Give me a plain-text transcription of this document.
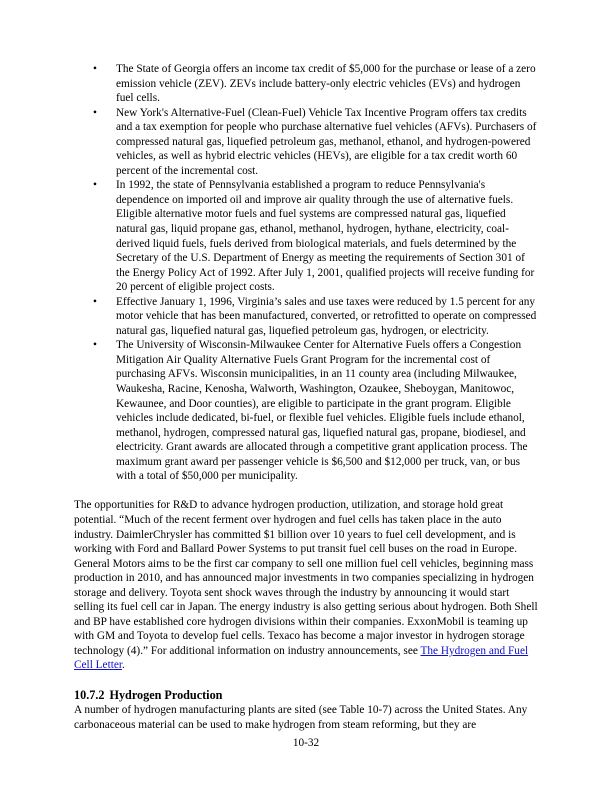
• The State of Georgia offers an income tax credit of $5,000 for the purchase or lease of a zero emission vehicle (ZEV). ZEVs include battery-only electric vehicles (EVs) and hydrogen fuel cells.
• New York's Alternative-Fuel (Clean-Fuel) Vehicle Tax Incentive Program offers tax credits and a tax exemption for people who purchase alternative fuel vehicles (AFVs). Purchasers of compressed natural gas, liquefied petroleum gas, methanol, ethanol, and hydrogen-powered vehicles, as well as hybrid electric vehicles (HEVs), are eligible for a tax credit worth 60 percent of the incremental cost.
• In 1992, the state of Pennsylvania established a program to reduce Pennsylvania's dependence on imported oil and improve air quality through the use of alternative fuels. Eligible alternative motor fuels and fuel systems are compressed natural gas, liquefied natural gas, liquid propane gas, ethanol, methanol, hydrogen, hythane, electricity, coal-derived liquid fuels, fuels derived from biological materials, and fuels determined by the Secretary of the U.S. Department of Energy as meeting the requirements of Section 301 of the Energy Policy Act of 1992. After July 1, 2001, qualified projects will receive funding for 20 percent of eligible project costs.
• Effective January 1, 1996, Virginia’s sales and use taxes were reduced by 1.5 percent for any motor vehicle that has been manufactured, converted, or retrofitted to operate on compressed natural gas, liquefied natural gas, liquefied petroleum gas, hydrogen, or electricity.
• The University of Wisconsin-Milwaukee Center for Alternative Fuels offers a Congestion Mitigation Air Quality Alternative Fuels Grant Program for the incremental cost of purchasing AFVs. Wisconsin municipalities, in an 11 county area (including Milwaukee, Waukesha, Racine, Kenosha, Walworth, Washington, Ozaukee, Sheboygan, Manitowoc, Kewaunee, and Door counties), are eligible to participate in the grant program. Eligible vehicles include dedicated, bi-fuel, or flexible fuel vehicles. Eligible fuels include ethanol, methanol, hydrogen, compressed natural gas, liquefied natural gas, propane, biodiesel, and electricity. Grant awards are allocated through a competitive grant application process. The maximum grant award per passenger vehicle is $6,500 and $12,000 per truck, van, or bus with a total of $50,000 per municipality.

The opportunities for R&D to advance hydrogen production, utilization, and storage hold great potential. “Much of the recent ferment over hydrogen and fuel cells has taken place in the auto industry. DaimlerChrysler has committed $1 billion over 10 years to fuel cell development, and is working with Ford and Ballard Power Systems to put transit fuel cell buses on the road in Europe. General Motors aims to be the first car company to sell one million fuel cell vehicles, beginning mass production in 2010, and has announced major investments in two companies specializing in hydrogen storage and delivery. Toyota sent shock waves through the industry by announcing it would start selling its fuel cell car in Japan. The energy industry is also getting serious about hydrogen. Both Shell and BP have established core hydrogen divisions within their companies. ExxonMobil is teaming up with GM and Toyota to develop fuel cells. Texaco has become a major investor in hydrogen storage technology (4).” For additional information on industry announcements, see The Hydrogen and Fuel Cell Letter.

10.7.2 Hydrogen Production

A number of hydrogen manufacturing plants are sited (see Table 10-7) across the United States. Any carbonaceous material can be used to make hydrogen from steam reforming, but they are

10-32
